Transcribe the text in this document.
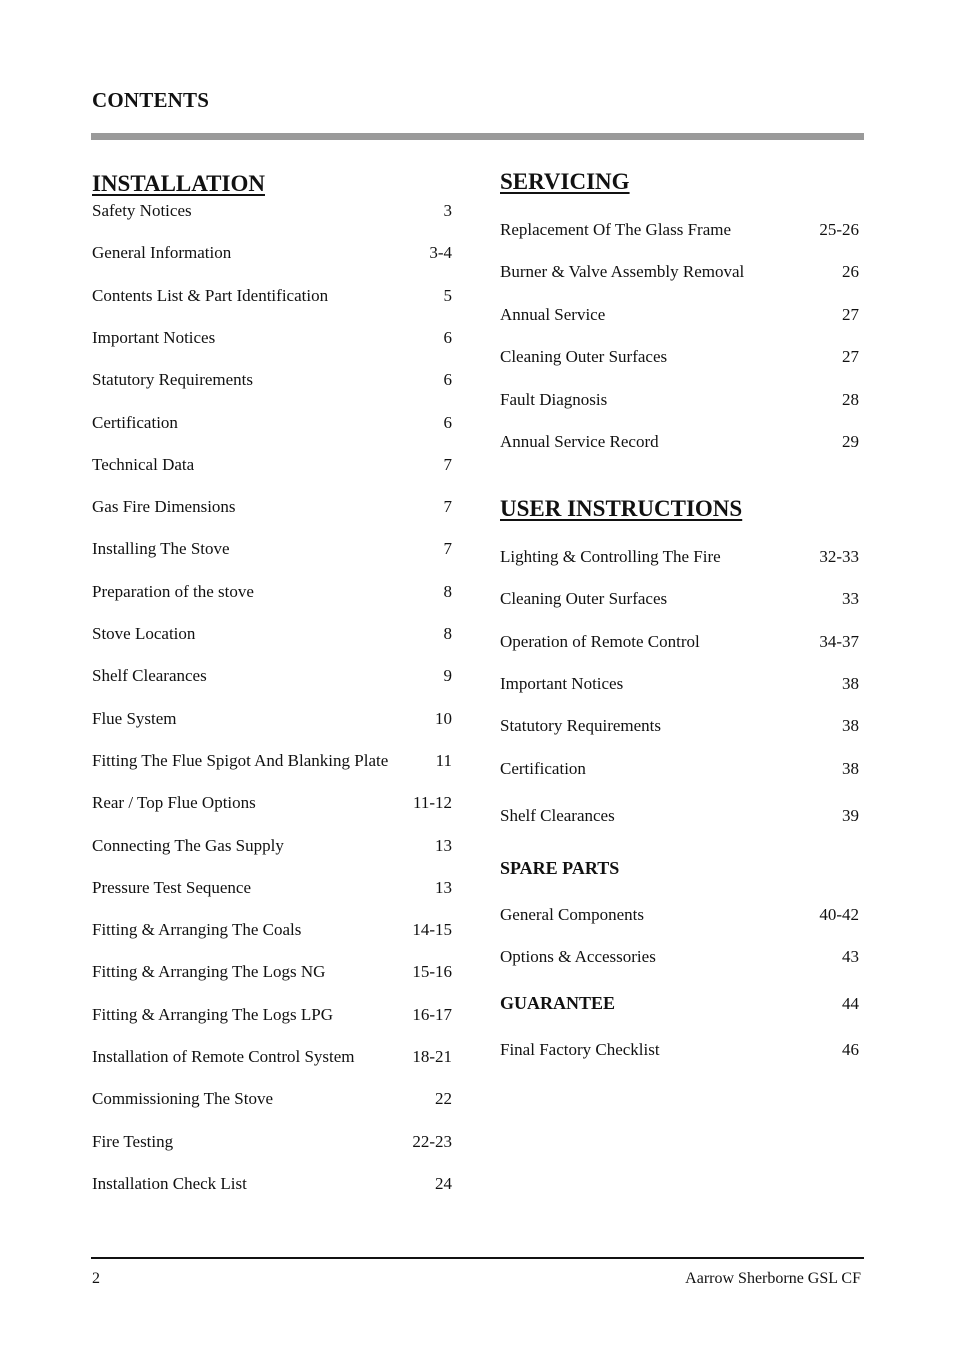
CONTENTS
INSTALLATION
Safety Notices	3
General Information	3-4
Contents List & Part Identification	5
Important Notices	6
Statutory Requirements	6
Certification	6
Technical Data	7
Gas Fire Dimensions	7
Installing The Stove	7
Preparation of the stove	8
Stove Location	8
Shelf Clearances	9
Flue System	10
Fitting The Flue Spigot And Blanking Plate	11
Rear / Top Flue Options	11-12
Connecting The Gas Supply	13
Pressure Test Sequence	13
Fitting & Arranging The Coals	14-15
Fitting & Arranging The Logs NG	15-16
Fitting & Arranging The Logs LPG	16-17
Installation of Remote Control System	18-21
Commissioning The Stove	22
Fire Testing	22-23
Installation Check List	24
SERVICING
Replacement Of The Glass Frame	25-26
Burner & Valve Assembly Removal	26
Annual Service	27
Cleaning Outer Surfaces	27
Fault Diagnosis	28
Annual Service Record	29
USER INSTRUCTIONS
Lighting & Controlling The Fire	32-33
Cleaning Outer Surfaces	33
Operation of Remote Control	34-37
Important Notices	38
Statutory Requirements	38
Certification	38
Shelf Clearances	39
SPARE PARTS
General Components	40-42
Options & Accessories	43
GUARANTEE	44
Final Factory Checklist	46
2	Aarrow Sherborne GSL CF
